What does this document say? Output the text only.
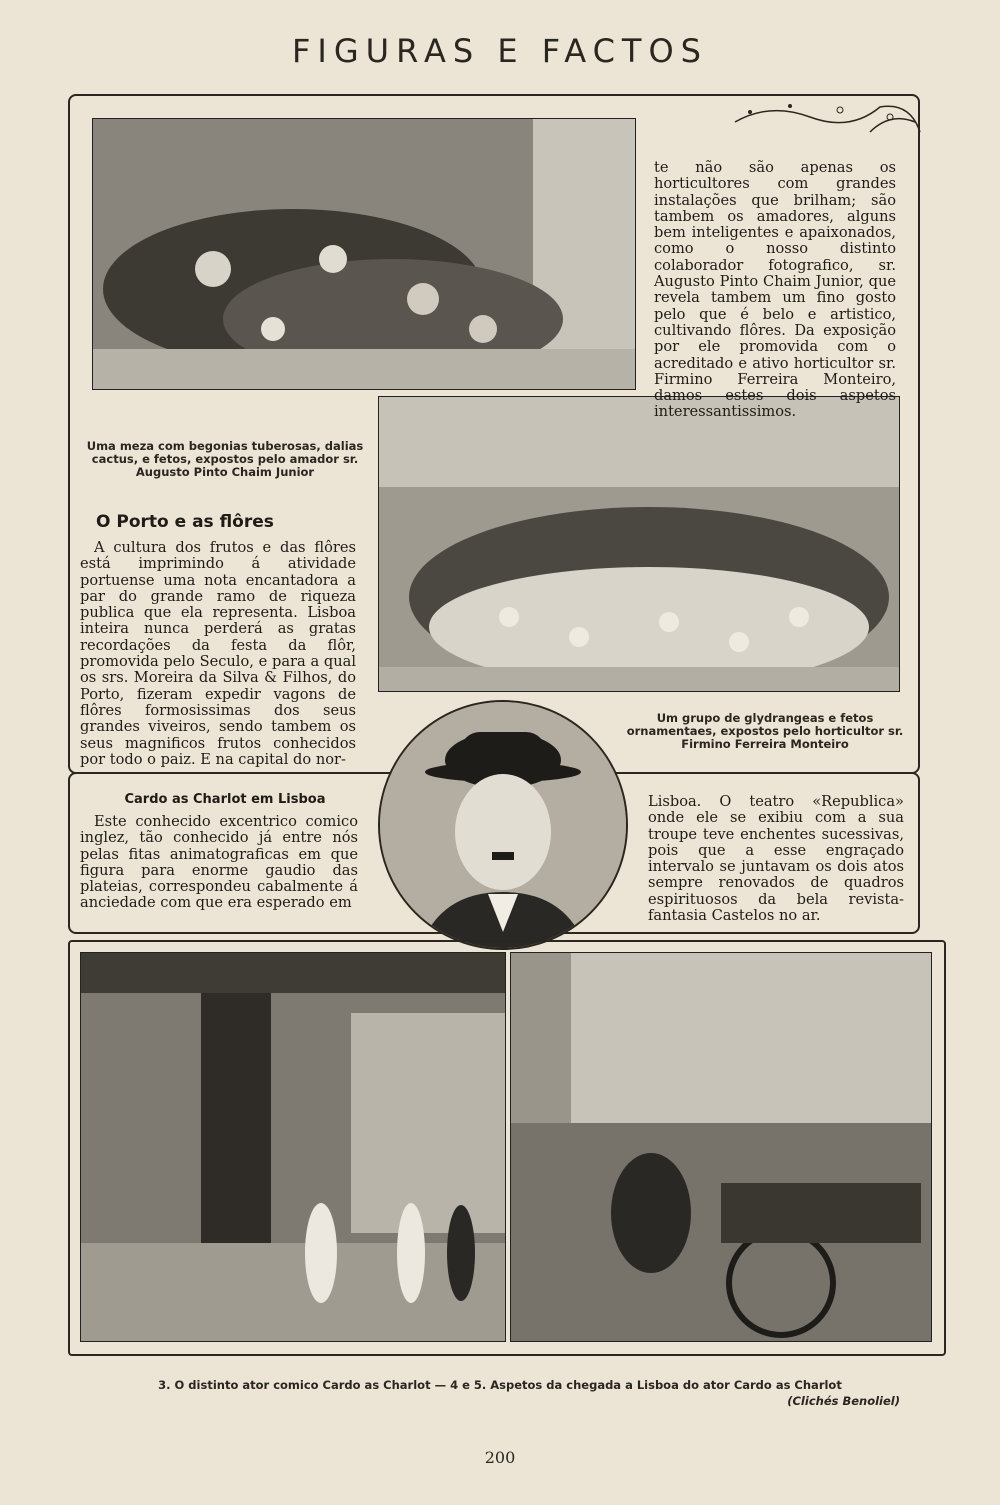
FIGURAS E FACTOS
te não são apenas os horticultores com grandes instalações que brilham; são tambem os amadores, alguns bem inteligentes e apaixonados, como o nosso distinto colaborador fotografico, sr. Augusto Pinto Chaim Junior, que revela tambem um fino gosto pelo que é belo e artistico, cultivando flôres. Da exposição por ele promovida com o acreditado e ativo horticultor sr. Firmino Ferreira Monteiro, damos estes dois aspetos interessantissimos.
Uma meza com begonias tuberosas, dalias cactus, e fetos, expostos pelo amador sr. Augusto Pinto Chaim Junior
O Porto e as flôres
A cultura dos frutos e das flôres está imprimindo á atividade portuense uma nota encantadora a par do grande ramo de riqueza publica que ela representa. Lisboa inteira nunca perderá as gratas recordações da festa da flôr, promovida pelo Seculo, e para a qual os srs. Moreira da Silva & Filhos, do Porto, fizeram expedir vagons de flôres formosissimas dos seus grandes viveiros, sendo tambem os seus magnificos frutos conhecidos por todo o paiz. E na capital do nor-
Um grupo de glydrangeas e fetos ornamentaes, expostos pelo horticultor sr. Firmino Ferreira Monteiro
Cardo as Charlot em Lisboa
Este conhecido excentrico comico inglez, tão conhecido já entre nós pelas fitas animatograficas em que figura para enorme gaudio das plateias, correspondeu cabalmente á anciedade com que era esperado em
Lisboa. O teatro «Republica» onde ele se exibiu com a sua troupe teve enchentes sucessivas, pois que a esse engraçado intervalo se juntavam os dois atos sempre renovados de quadros espirituosos da bela revista-fantasia Castelos no ar.
3. O distinto ator comico Cardo as Charlot — 4 e 5. Aspetos da chegada a Lisboa do ator Cardo as Charlot
(Clichés Benoliel)
200
